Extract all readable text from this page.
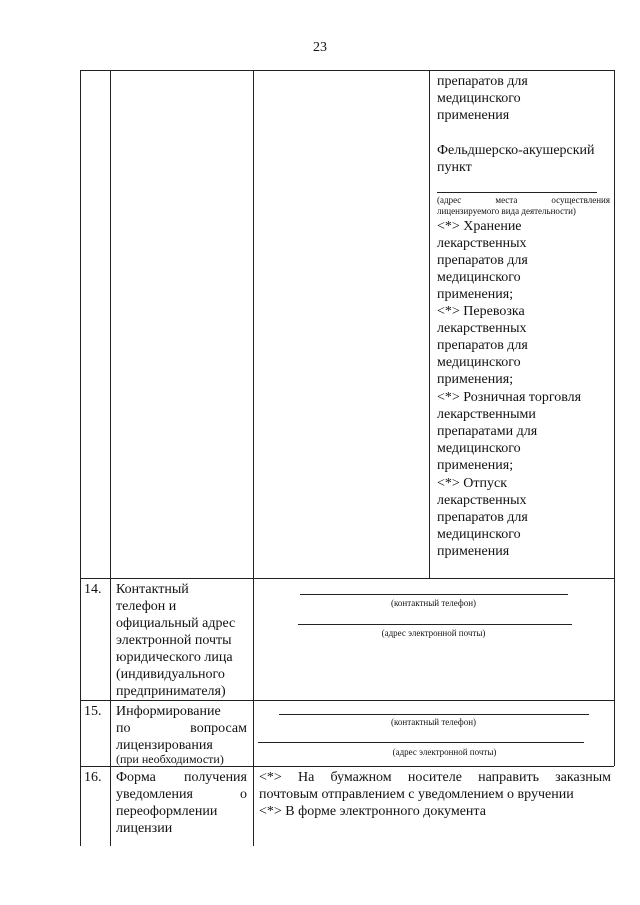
23
препаратов для
медицинского
применения
Фельдшерско-акушерский
пункт
(адрес места осуществления
лицензируемого вида деятельности)
<*> Хранение
лекарственных
препаратов для
медицинского
применения;
<*> Перевозка
лекарственных
препаратов для
медицинского
применения;
<*> Розничная торговля
лекарственными
препаратами для
медицинского
применения;
<*> Отпуск
лекарственных
препаратов для
медицинского
применения
14. Контактный
телефон и
официальный адрес
электронной почты
юридического лица
(индивидуального
предпринимателя)
(контактный телефон)
(адрес электронной почты)
15. Информирование
по вопросам
лицензирования
(при необходимости)
(контактный телефон)
(адрес электронной почты)
16. Форма получения
уведомления о
переоформлении
лицензии
<*> На бумажном носителе направить заказным
почтовым отправлением с уведомлением о вручении
<*> В форме электронного документа
